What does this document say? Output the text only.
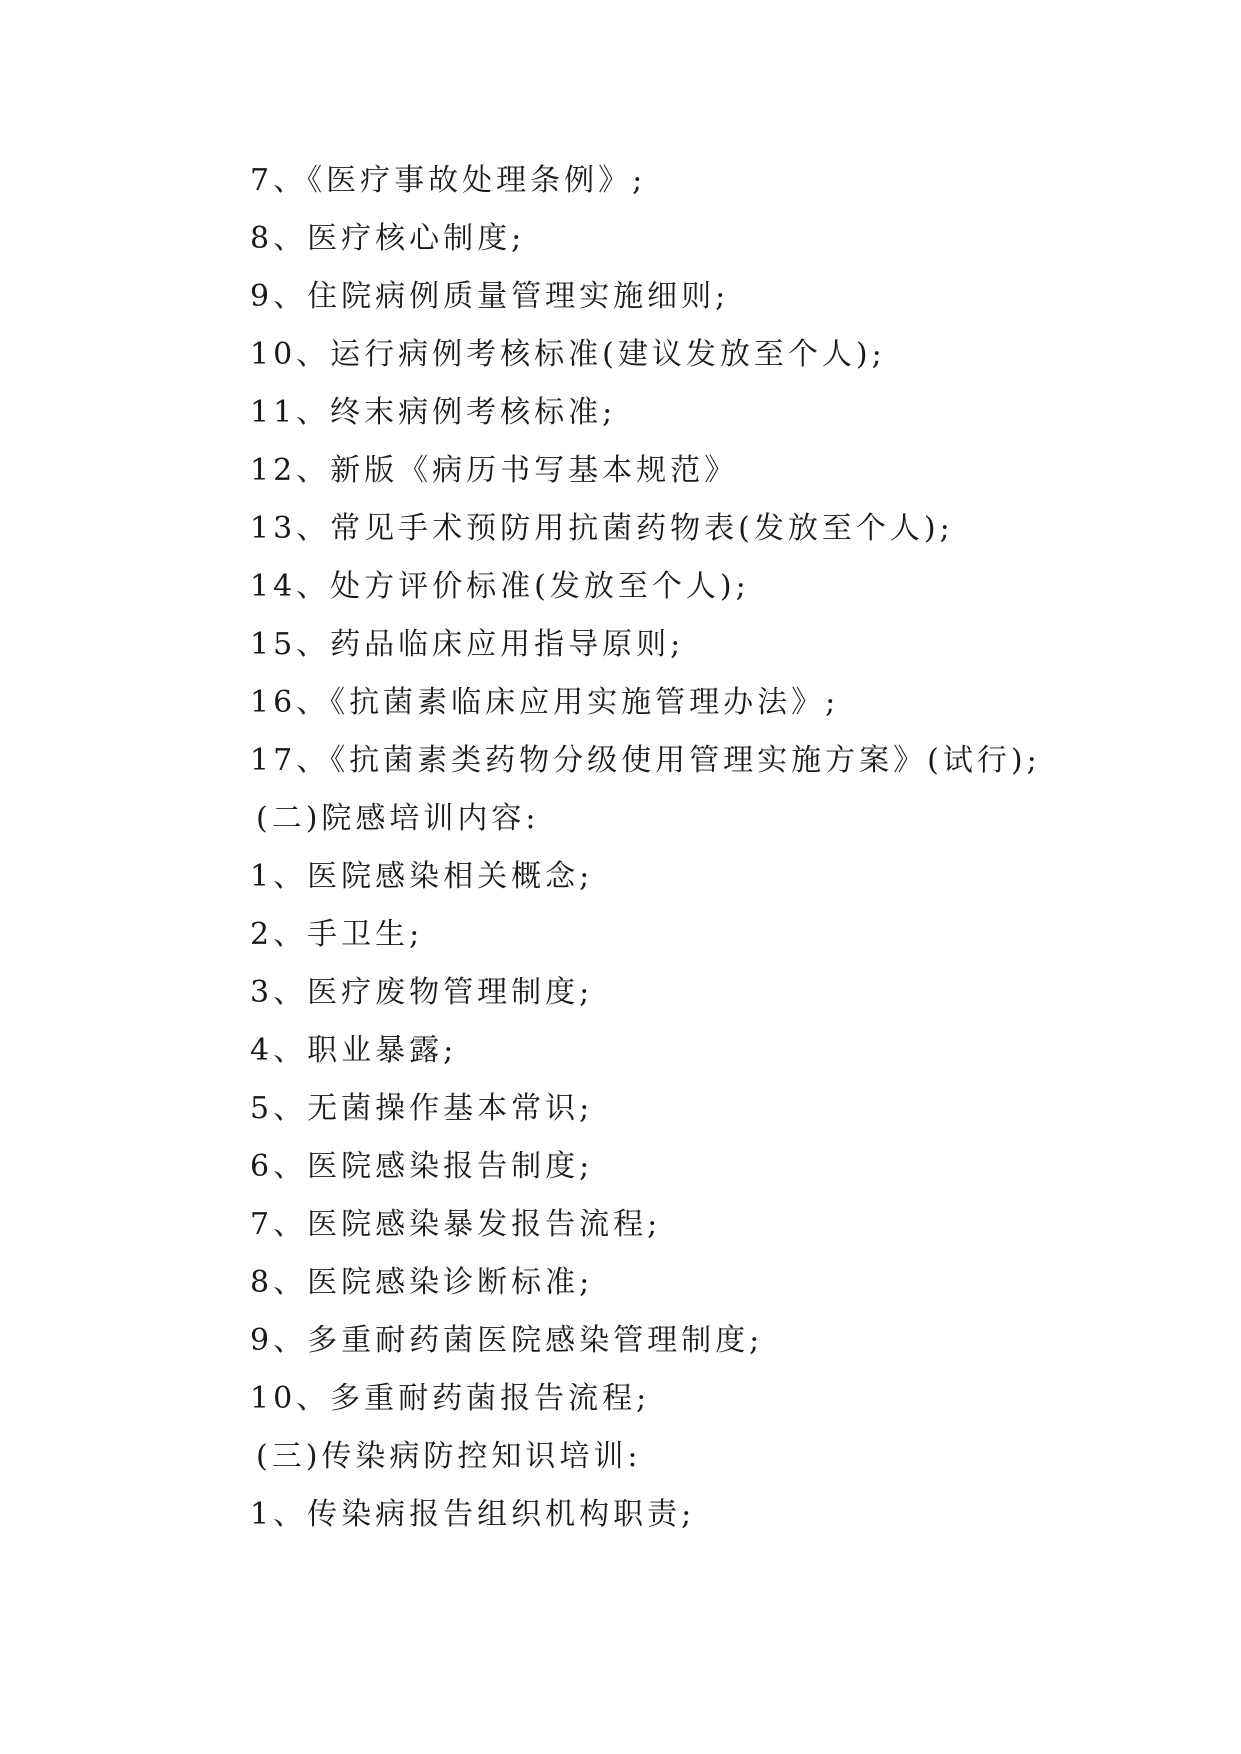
7、《医疗事故处理条例》;
8、医疗核心制度;
9、住院病例质量管理实施细则;
10、运行病例考核标准(建议发放至个人);
11、终末病例考核标准;
12、新版《病历书写基本规范》
13、常见手术预防用抗菌药物表(发放至个人);
14、处方评价标准(发放至个人);
15、药品临床应用指导原则;
16、《抗菌素临床应用实施管理办法》;
17、《抗菌素类药物分级使用管理实施方案》(试行);
(二)院感培训内容:
1、医院感染相关概念;
2、手卫生;
3、医疗废物管理制度;
4、职业暴露;
5、无菌操作基本常识;
6、医院感染报告制度;
7、医院感染暴发报告流程;
8、医院感染诊断标准;
9、多重耐药菌医院感染管理制度;
10、多重耐药菌报告流程;
(三)传染病防控知识培训:
1、传染病报告组织机构职责;
